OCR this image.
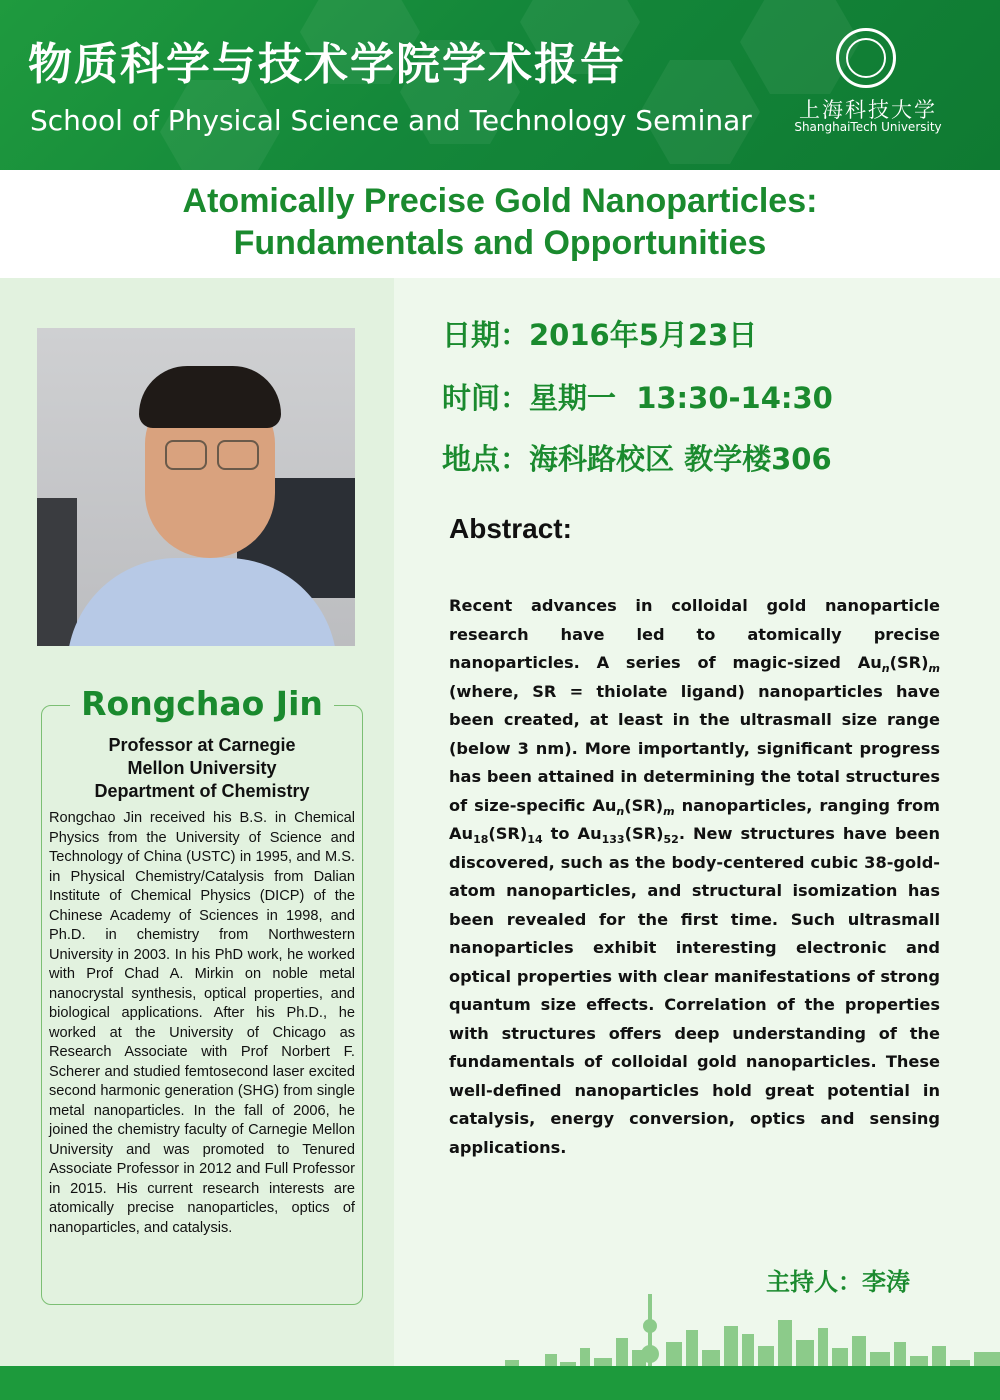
物质科学与技术学院学术报告
School of Physical Science and Technology Seminar	上海科技大学
ShanghaiTech University
Atomically Precise Gold Nanoparticles:
Fundamentals and Opportunities
Rongchao Jin
Professor at Carnegie
Mellon University
Department of Chemistry

Rongchao Jin received his B.S. in Chemical Physics from the University of Science and Technology of China (USTC) in 1995, and M.S. in Physical Chemistry/Catalysis from Dalian Institute of Chemical Physics (DICP) of the Chinese Academy of Sciences in 1998, and Ph.D. in chemistry from Northwestern University in 2003. In his PhD work, he worked with Prof Chad A. Mirkin on noble metal nanocrystal synthesis, optical properties, and biological applications. After his Ph.D., he worked at the University of Chicago as Research Associate with Prof Norbert F. Scherer and studied femtosecond laser excited second harmonic generation (SHG) from single metal nanoparticles. In the fall of 2006, he joined the chemistry faculty of Carnegie Mellon University and was promoted to Tenured Associate Professor in 2012 and Full Professor in 2015. His current research interests are atomically precise nanoparticles, optics of nanoparticles, and catalysis.

日期：2016年5月23日
时间：星期一  13:30-14:30
地点：海科路校区 教学楼306
Abstract:

Recent advances in colloidal gold nanoparticle research have led to atomically precise nanoparticles. A series of magic-sized $Au_n(SR)_m$ (where, SR = thiolate ligand) nanoparticles have been created, at least in the ultrasmall size range (below 3 nm). More importantly, significant progress has been attained in determining the total structures of size-specific $Au_n(SR)_m$ nanoparticles, ranging from $Au_{18}(SR)_{14}$ to $Au_{133}(SR)_{52}$. New structures have been discovered, such as the body-centered cubic 38-gold-atom nanoparticles, and structural isomization has been revealed for the first time. Such ultrasmall nanoparticles exhibit interesting electronic and optical properties with clear manifestations of strong quantum size effects. Correlation of the properties with structures offers deep understanding of the fundamentals of colloidal gold nanoparticles. These well-defined nanoparticles hold great potential in catalysis, energy conversion, optics and sensing applications.

主持人：李涛
